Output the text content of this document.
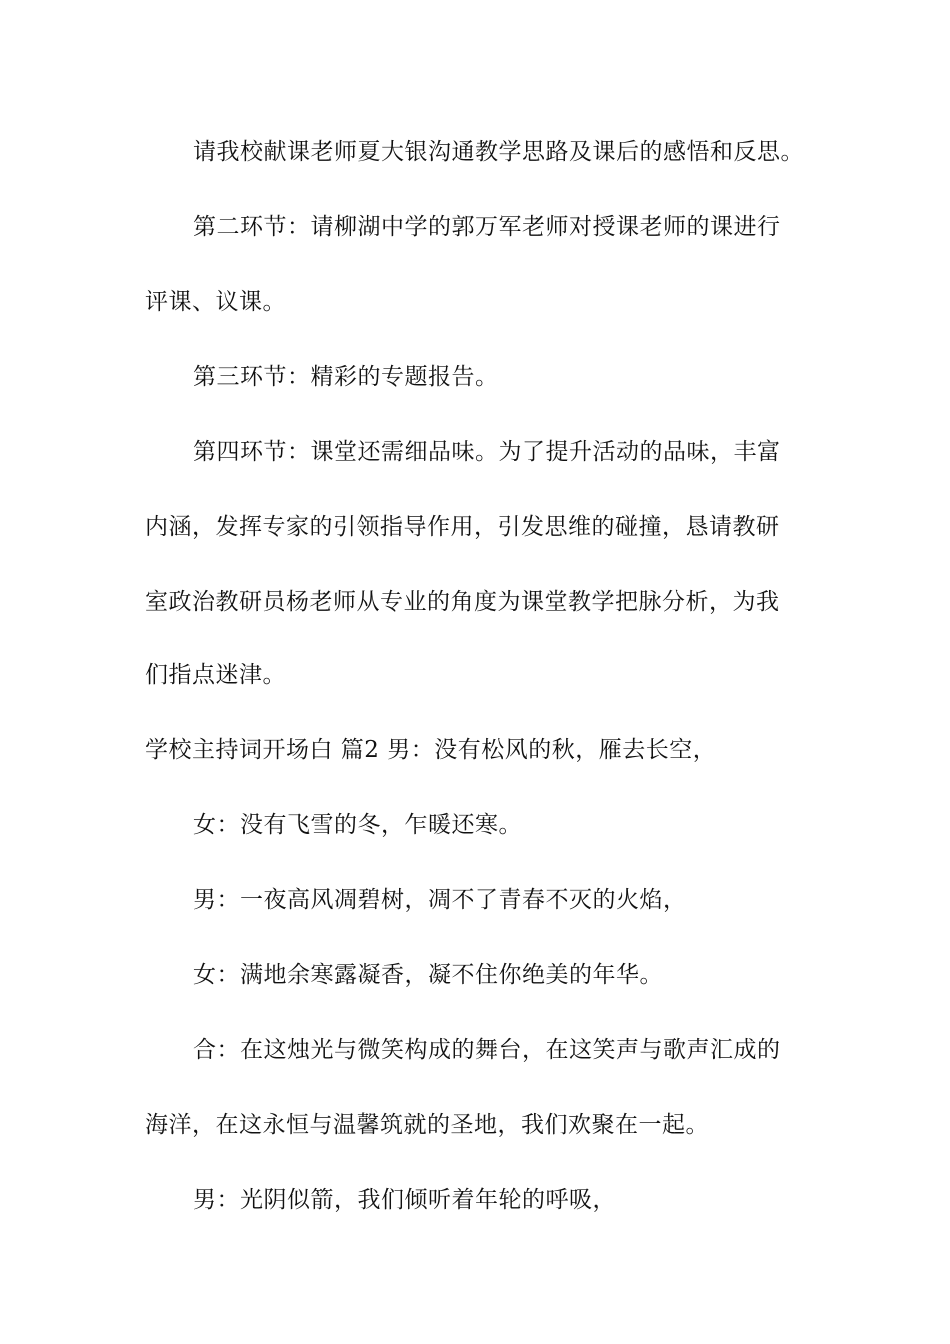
请我校献课老师夏大银沟通教学思路及课后的感悟和反思。
第二环节：请柳湖中学的郭万军老师对授课老师的课进行
评课、议课。
第三环节：精彩的专题报告。
第四环节：课堂还需细品味。为了提升活动的品味，丰富
内涵，发挥专家的引领指导作用，引发思维的碰撞，恳请教研
室政治教研员杨老师从专业的角度为课堂教学把脉分析，为我
们指点迷津。
学校主持词开场白 篇2 男：没有松风的秋，雁去长空，
女：没有飞雪的冬，乍暖还寒。
男：一夜高风凋碧树，凋不了青春不灭的火焰，
女：满地余寒露凝香，凝不住你绝美的年华。
合：在这烛光与微笑构成的舞台，在这笑声与歌声汇成的
海洋，在这永恒与温馨筑就的圣地，我们欢聚在一起。
男：光阴似箭，我们倾听着年轮的呼吸，
